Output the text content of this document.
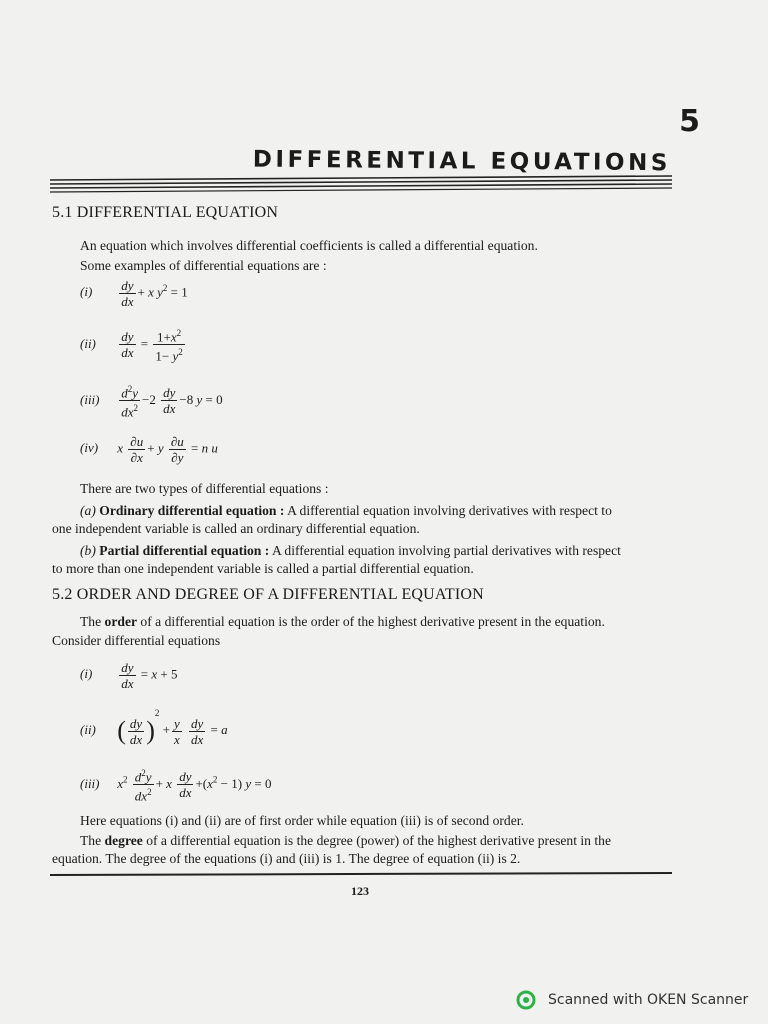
5
DIFFERENTIAL EQUATIONS
5.1 DIFFERENTIAL EQUATION
An equation which involves differential coefficients is called a differential equation.
Some examples of differential equations are :
$(i) \frac{dy}{dx} + x$ $y^2 = 1$
$(ii) \frac{dy}{dx} = \frac{1+x^2}{1- y^2}$
$(iii) \frac{d^2y}{dx^2} -2 \frac{dy}{dx} -8$ y = 0
(iv) x $\frac{\partial u}{\partial x} + y \frac{\partial u}{\partial y} = n$ u
There are two types of differential equations :
(a) Ordinary differential equation : A differential equation involving derivatives with respect to
one independent variable is called an ordinary differential equation.
(b) Partial differential equation : A differential equation involving partial derivatives with respect
to more than one independent variable is called a partial differential equation.
5.2 ORDER AND DEGREE OF A DIFFERENTIAL EQUATION
The order of a differential equation is the order of the highest derivative present in the equation.
Consider differential equations
$(i) \frac{dy}{dx} = x + 5$
(ii) ( $\frac{dy}{dx} )^2 + \frac{y}{x}$
$\frac{dy}{dx} = a$
(iii) $x^2 \frac{d^2y}{dx^2} + x \frac{dy}{dx} +(x^2 - 1) y = 0$
Here equations (i) and (ii) are of first order while equation (iii) is of second order.
The degree of a differential equation is the degree (power) of the highest derivative present in the
equation. The degree of the equations (i) and (iii) is 1. The degree of equation (ii) is 2.
123
Scanned with OKEN Scanner
